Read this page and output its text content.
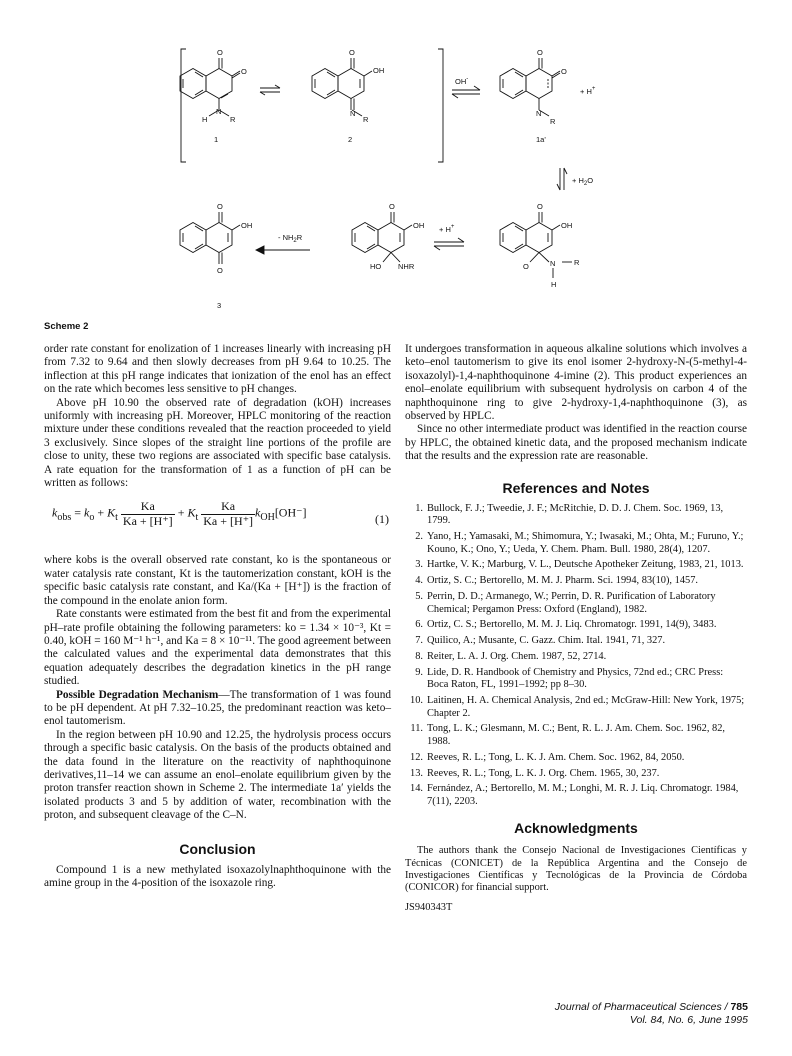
O
O
N
H	R
1
O
OH
N
R
2
OH-
O
O
N
R
1a'
+ H+
+ $H_2O$
O
OH
O
3
- $NH_2R$
O
OH
HO NHR
+ H+
O
OH
O	N R
H
Scheme 2

order rate constant for enolization of 1 increases linearly with increasing pH from 7.32 to 9.64 and then slowly decreases from pH 9.64 to 10.25. The inflection at this pH range indicates that ionization of the enol has an effect on the rate which becomes less sensitive to pH changes.

Above pH 10.90 the observed rate of degradation (kOH) increases uniformly with increasing pH. Moreover, HPLC monitoring of the reaction mixture under these conditions revealed that the reaction proceeded to yield 3 exclusively. Since slopes of the straight line portions of the profile are close to unity, these two regions are associated with specific base catalysis. A rate equation for the transformation of 1 as a function of pH can be written as follows:

$k_{obs} = k_o + K_t \frac{Ka}{Ka + [H^+]} + K_t \frac{Ka}{Ka + [H^+]} k_{OH}[OH^-]$	(1)

where kobs is the overall observed rate constant, ko is the spontaneous or water catalysis rate constant, Kt is the tautomerization constant, kOH is the specific basic catalysis rate constant, and Ka/(Ka + [H⁺]) is the fraction of the compound in the enolate anion form.

Rate constants were estimated from the best fit and from the experimental pH–rate profile obtaining the following parameters: ko = 1.34 × 10⁻³, Kt = 0.40, kOH = 160 M⁻¹ h⁻¹, and Ka = 8 × 10⁻¹¹. The good agreement between the calculated values and the experimental data demonstrates that this equation adequately describes the degradation kinetics in the pH range studied.

Possible Degradation Mechanism—The transformation of 1 was found to be pH dependent. At pH 7.32–10.25, the predominant reaction was keto–enol tautomerism.

In the region between pH 10.90 and 12.25, the hydrolysis process occurs through a specific basic catalysis. On the basis of the products obtained and the data found in the literature on the reactivity of naphthoquinone derivatives,11–14 we can assume an enol–enolate equilibrium given by the proton transfer reaction shown in Scheme 2. The intermediate 1a′ yields the isolated products 3 and 5 by addition of water, recombination with the proton, and subsequent cleavage of the C–N.

Conclusion

Compound 1 is a new methylated isoxazolylnaphthoquinone with the amine group in the 4-position of the isoxazole ring.

It undergoes transformation in aqueous alkaline solutions which involves a keto–enol tautomerism to give its enol isomer 2-hydroxy-N-(5-methyl-4-isoxazolyl)-1,4-naphthoquinone 4-imine (2). This product experiences an enol–enolate equilibrium with subsequent hydrolysis on carbon 4 of the naphthoquinone ring to give 2-hydroxy-1,4-naphthoquinone (3), as observed by HPLC.

Since no other intermediate product was identified in the reaction course by HPLC, the obtained kinetic data, and the proposed mechanism indicate that the results and the expression rate are reasonable.

References and Notes
1. Bullock, F. J.; Tweedie, J. F.; McRitchie, D. D. J. Chem. Soc. 1969, 13, 1799.
2. Yano, H.; Yamasaki, M.; Shimomura, Y.; Iwasaki, M.; Ohta, M.; Furuno, Y.; Kouno, K.; Ono, Y.; Ueda, Y. Chem. Pham. Bull. 1980, 28(4), 1207.
3. Hartke, V. K.; Marburg, V. L., Deutsche Apotheker Zeitung, 1983, 21, 1013.
4. Ortiz, S. C.; Bertorello, M. M. J. Pharm. Sci. 1994, 83(10), 1457.
5. Perrin, D. D.; Armanego, W.; Perrin, D. R. Purification of Laboratory Chemical; Pergamon Press: Oxford (England), 1982.
6. Ortiz, C. S.; Bertorello, M. M. J. Liq. Chromatogr. 1991, 14(9), 3483.
7. Quilico, A.; Musante, C. Gazz. Chim. Ital. 1941, 71, 327.
8. Reiter, L. A. J. Org. Chem. 1987, 52, 2714.
9. Lide, D. R. Handbook of Chemistry and Physics, 72nd ed.; CRC Press: Boca Raton, FL, 1991–1992; pp 8–30.
10. Laitinen, H. A. Chemical Analysis, 2nd ed.; McGraw-Hill: New York, 1975; Chapter 2.
11. Tong, L. K.; Glesmann, M. C.; Bent, R. L. J. Am. Chem. Soc. 1962, 82, 1988.
12. Reeves, R. L.; Tong, L. K. J. Am. Chem. Soc. 1962, 84, 2050.
13. Reeves, R. L.; Tong, L. K. J. Org. Chem. 1965, 30, 237.
14. Fernández, A.; Bertorello, M. M.; Longhi, M. R. J. Liq. Chromatogr. 1984, 7(11), 2203.
Acknowledgments

The authors thank the Consejo Nacional de Investigaciones Científicas y Técnicas (CONICET) de la República Argentina and the Consejo de Investigaciones Científicas y Tecnológicas de la Provincia de Córdoba (CONICOR) for financial support.

JS940343T

Journal of Pharmaceutical Sciences / 785
Vol. 84, No. 6, June 1995
